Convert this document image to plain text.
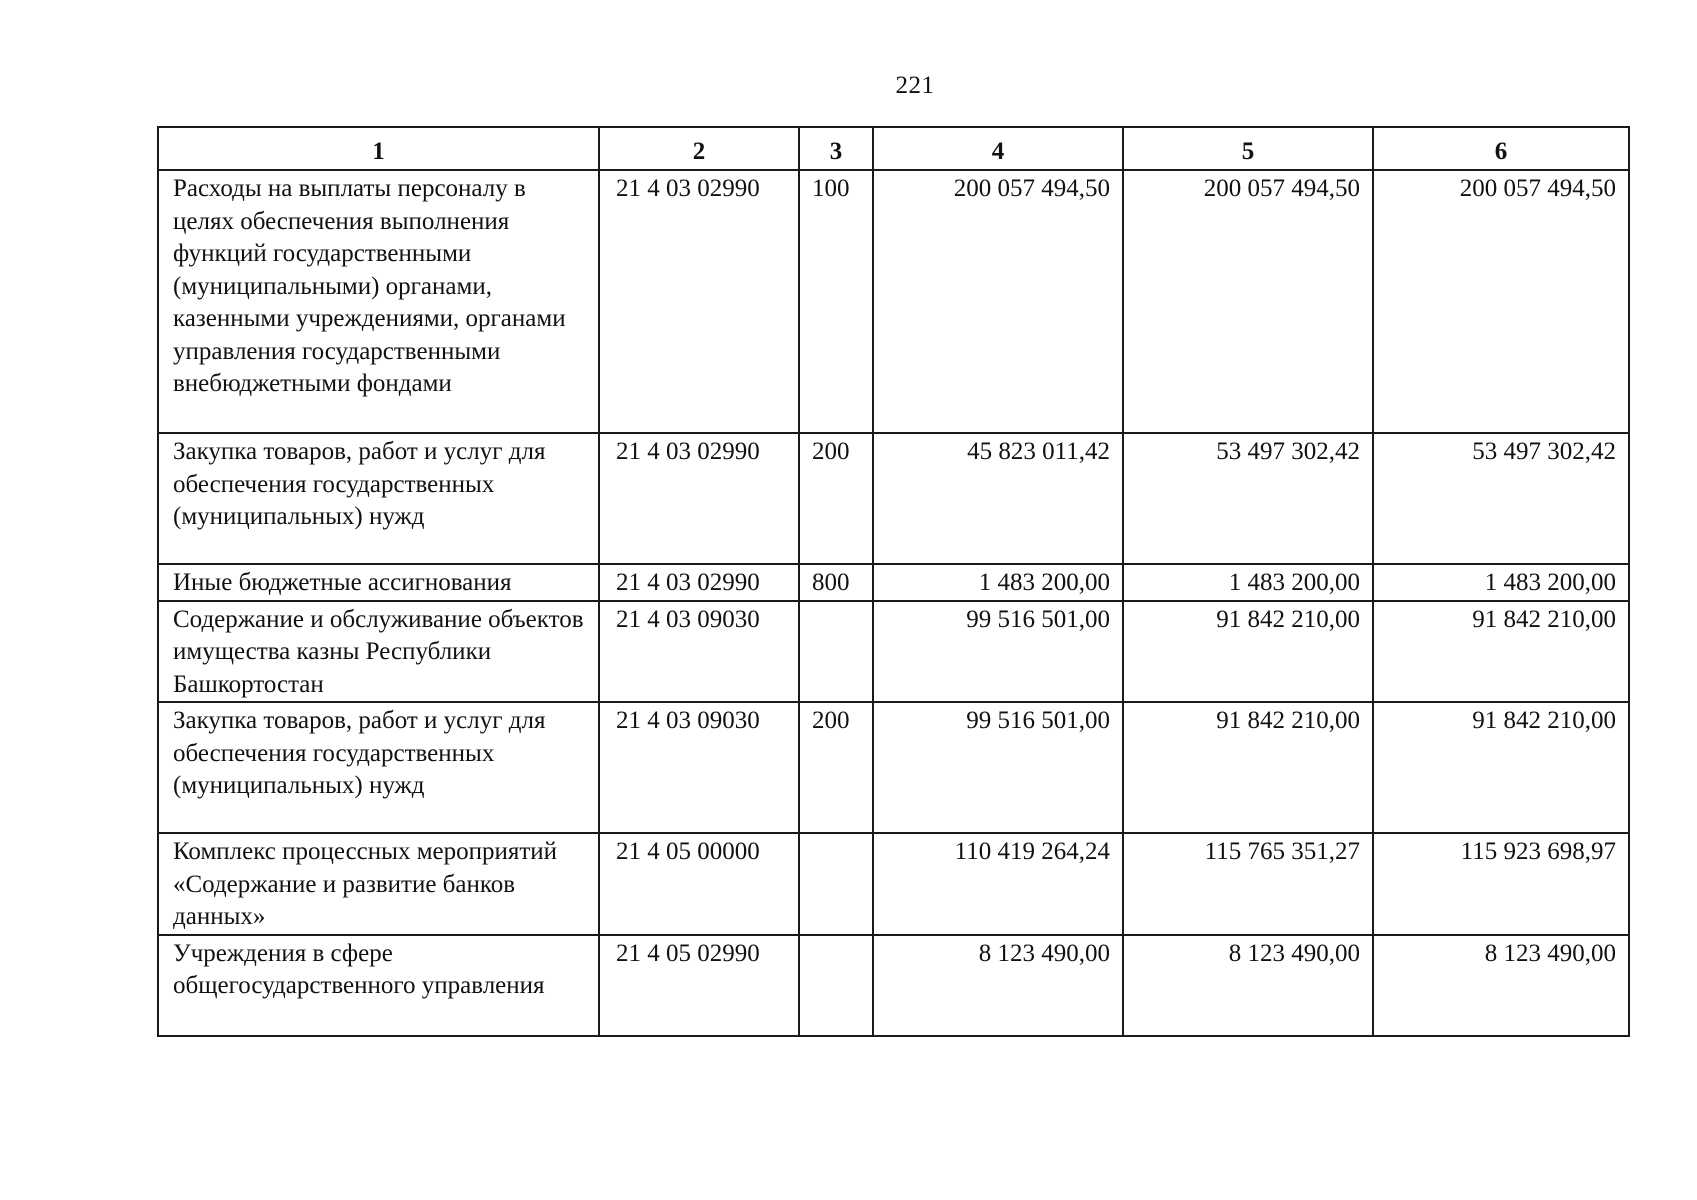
221
1	2	3	4	5	6
Расходы на выплаты персоналу в целях обеспечения выполнения функций государственными (муниципальными) органами, казенными учреждениями, органами управления государственными внебюджетными фондами	21 4 03 02990	100	200 057 494,50	200 057 494,50	200 057 494,50
Закупка товаров, работ и услуг для обеспечения государственных (муниципальных) нужд	21 4 03 02990	200	45 823 011,42	53 497 302,42	53 497 302,42
Иные бюджетные ассигнования	21 4 03 02990	800	1 483 200,00	1 483 200,00	1 483 200,00
Содержание и обслуживание объектов имущества казны Республики Башкортостан	21 4 03 09030		99 516 501,00	91 842 210,00	91 842 210,00
Закупка товаров, работ и услуг для обеспечения государственных (муниципальных) нужд	21 4 03 09030	200	99 516 501,00	91 842 210,00	91 842 210,00
Комплекс процессных мероприятий «Содержание и развитие банков данных»	21 4 05 00000		110 419 264,24	115 765 351,27	115 923 698,97
Учреждения в сфере общегосударственного управления	21 4 05 02990		8 123 490,00	8 123 490,00	8 123 490,00
